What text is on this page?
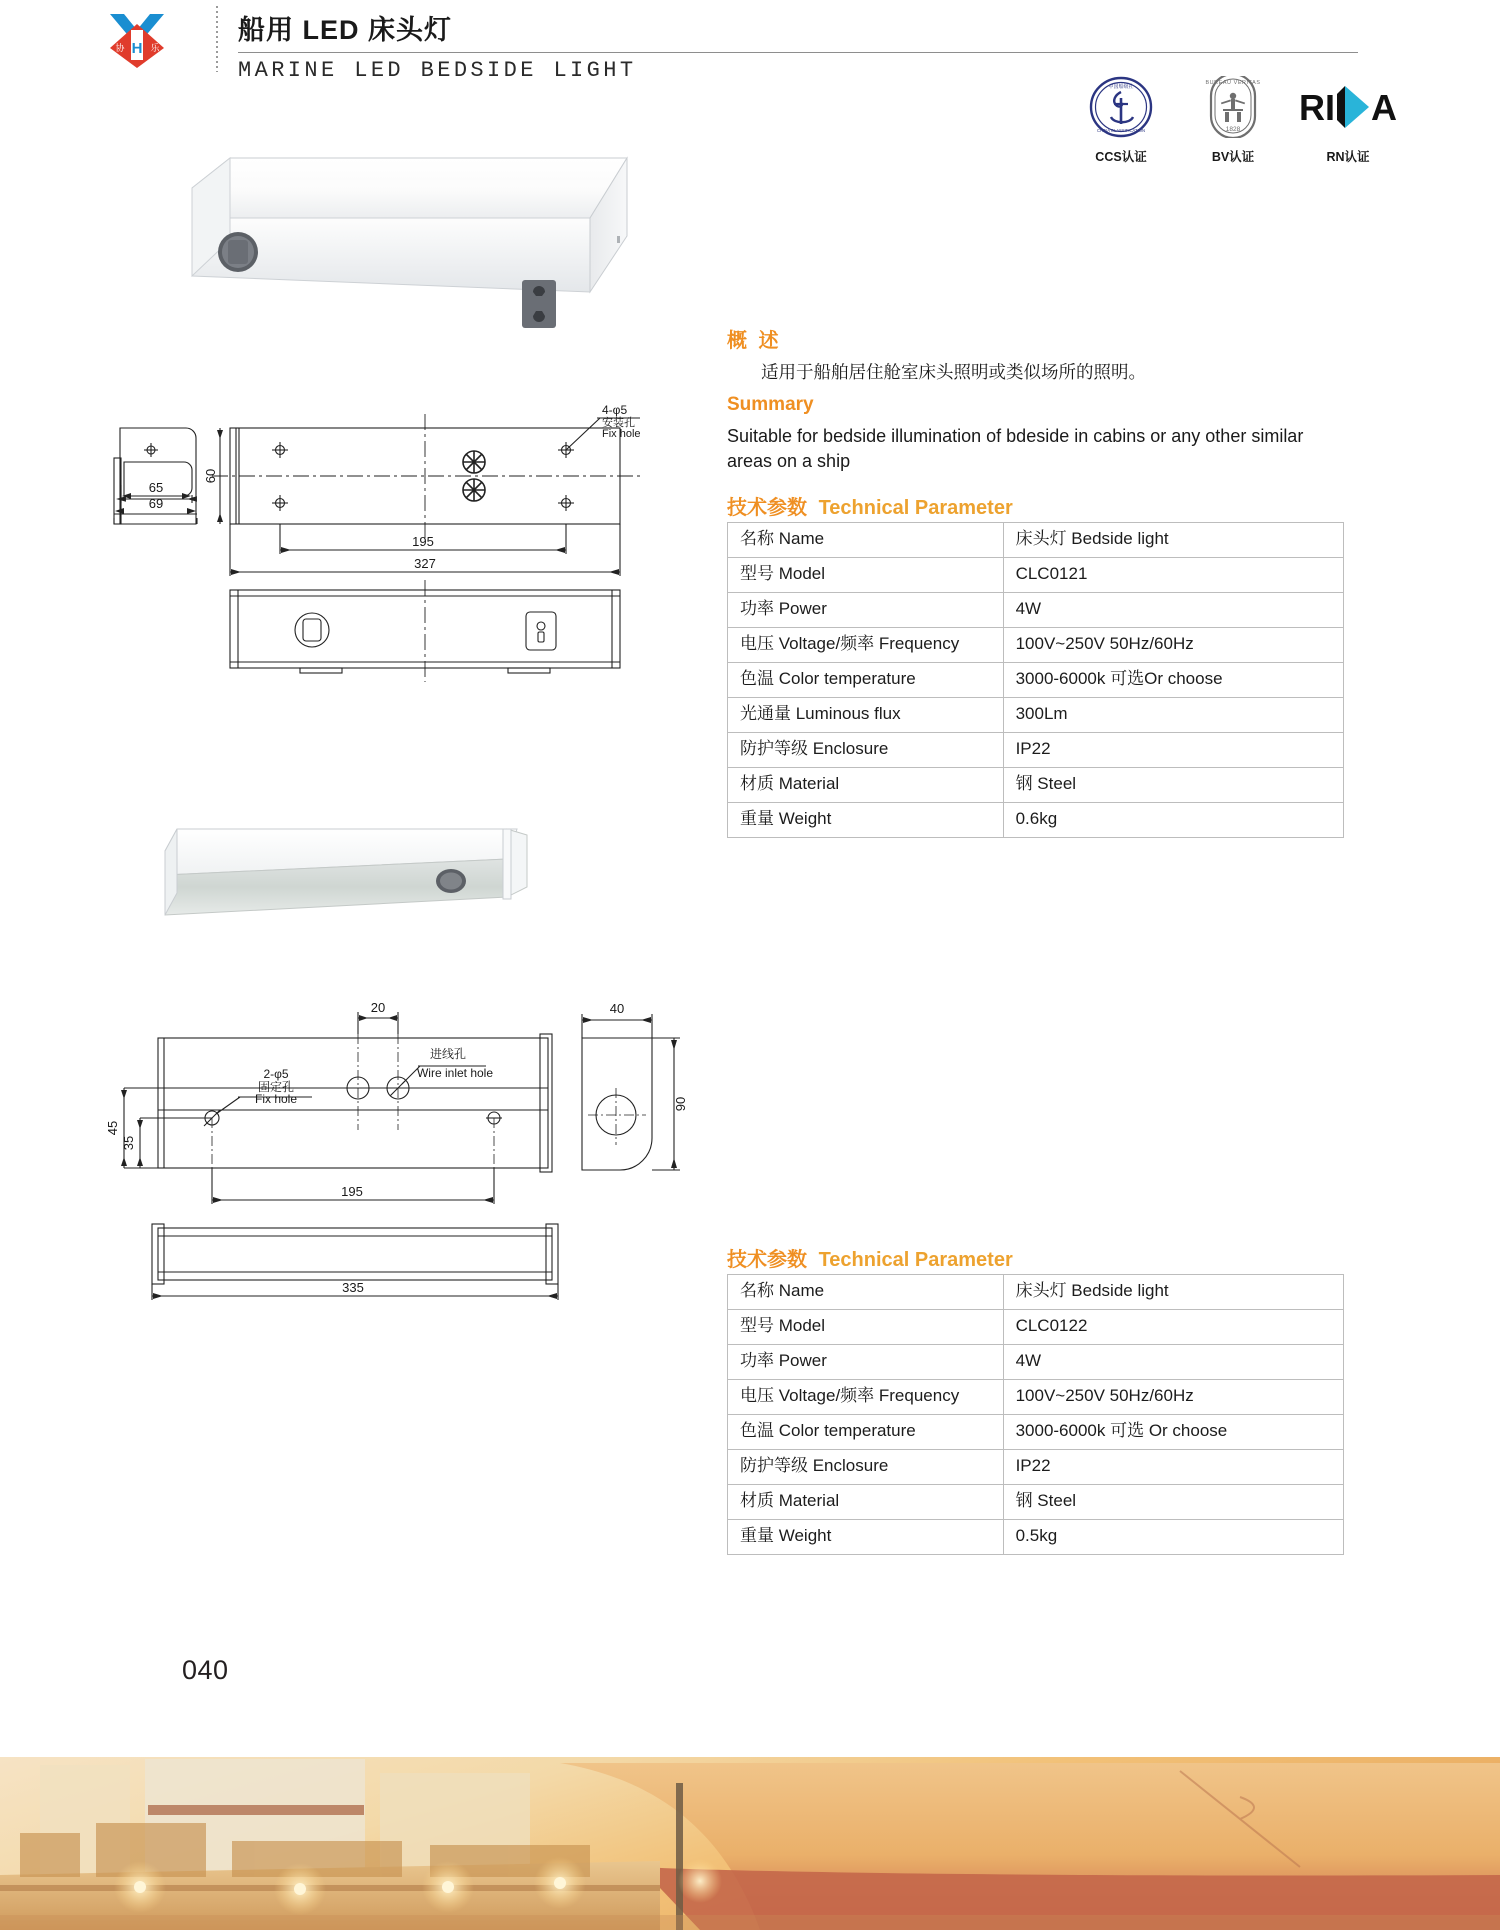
H
协	乐
船用 LED 床头灯
MARINE LED BEDSIDE LIGHT
中国船级社
CHINA CLASSIFICATION
CCS认证
BUREAU VERITAS
1828
BV认证
RI A
RN认证
65
69
60
195
327
4-φ5
安装孔
Fix hole
概 述
适用于船舶居住舱室床头照明或类似场所的照明。
Summary
Suitable for bedside illumination of bdeside in cabins or any other similar areas on a ship
技术参数 Technical Parameter
名称 Name	床头灯 Bedside light
型号 Model	CLC0121
功率 Power	4W
电压 Voltage/频率 Frequency	100V~250V 50Hz/60Hz
色温 Color temperature	3000-6000k 可选Or choose
光通量 Luminous flux	300Lm
防护等级 Enclosure	IP22
材质 Material	钢 Steel
重量 Weight	0.6kg
20	40
90
45
35
195
335
2-φ5
固定孔
Fix hole
进线孔
Wire inlet hole
技术参数 Technical Parameter
名称 Name	床头灯 Bedside light
型号 Model	CLC0122
功率 Power	4W
电压 Voltage/频率 Frequency	100V~250V 50Hz/60Hz
色温 Color temperature	3000-6000k 可选 Or choose
防护等级 Enclosure	IP22
材质 Material	钢 Steel
重量 Weight	0.5kg
040
